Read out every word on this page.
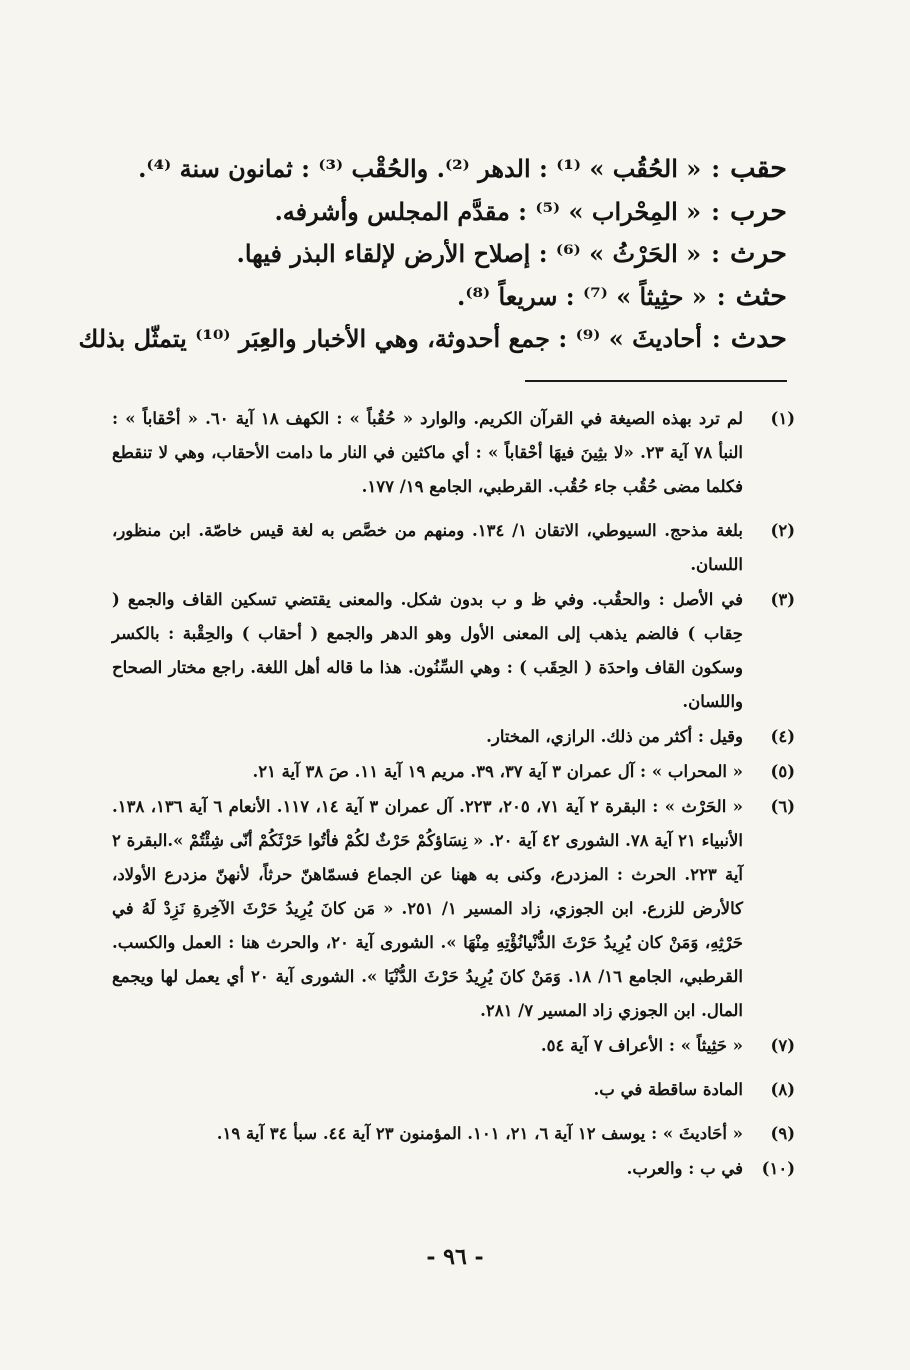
حقب:« الحُقُب » ⁽¹⁾ : الدهر ⁽²⁾. والحُقْب ⁽³⁾ : ثمانون سنة ⁽⁴⁾.
حرب:« المِحْراب » ⁽⁵⁾ : مقدَّم المجلس وأشرفه.
حرث:« الحَرْثُ » ⁽⁶⁾ : إصلاح الأرض لإلقاء البذر فيها.
حثث:« حثِيثاً » ⁽⁷⁾ : سريعاً ⁽⁸⁾.
حدث:أحاديثَ » ⁽⁹⁾ : جمع أحدوثة، وهي الأخبار والعِبَر ⁽¹⁰⁾ يتمثّل بذلك
(١)
لم ترد بهذه الصيغة في القرآن الكريم. والوارد « حُقُباً » : الكهف ١٨ آية ٦٠. « أحْقاباً » : النبأ ٧٨ آية ٢٣. «لا بثِينَ فيهَا أحْقاباً » : أي ماكثين في النار ما دامت الأحقاب، وهي لا تنقطع فكلما مضى حُقُب جاء حُقُب. القرطبي، الجامع ١٩/ ١٧٧.
(٢)
بلغة مذحج. السيوطي، الاتقان ١/ ١٣٤. ومنهم من خصَّص به لغة قيس خاصّة. ابن منظور، اللسان.
(٣)
في الأصل : والحقُب. وفي ظ و ب بدون شكل. والمعنى يقتضي تسكين القاف والجمع ( حِقاب ) فالضم يذهب إلى المعنى الأول وهو الدهر والجمع ( أحقاب ) والحِقْبة : بالكسر وسكون القاف واحدَة ( الحِقَب ) : وهي السِّنُون. هذا ما قاله أهل اللغة. راجع مختار الصحاح واللسان.
(٤)
وقيل : أكثر من ذلك. الرازي، المختار.
(٥)
« المحراب » : آل عمران ٣ آية ٣٧، ٣٩. مريم ١٩ آية ١١. صَ ٣٨ آية ٢١.
(٦)
« الحَرْث » : البقرة ٢ آية ٧١، ٢٠٥، ٢٢٣. آل عمران ٣ آية ١٤، ١١٧. الأنعام ٦ آية ١٣٦، ١٣٨. الأنبياء ٢١ آية ٧٨. الشورى ٤٢ آية ٢٠. « نِسَاؤكُمْ حَرْثٌ لكُمْ فأتُوا حَرْثَكُمْ أنّى شِئْتُمْ ».البقرة ٢ آية ٢٢٣. الحرث : المزدرع، وكنى به ههنا عن الجماع فسمّاهنّ حرثاً، لأنهنّ مزدرع الأولاد، كالأرض للزرع. ابن الجوزي، زاد المسير ١/ ٢٥١. « مَن كانَ يُرِيدُ حَرْثَ الآخِرةِ نَزِدْ لَهُ في حَرْثِهِ، وَمَنْ كان يُرِيدُ حَرْثَ الدُّنْيانُؤْتِهِ مِنْهَا ». الشورى آية ٢٠، والحرث هنا : العمل والكسب. القرطبي، الجامع ١٦/ ١٨. وَمَنْ كانَ يُرِيدُ حَرْثَ الدُّنْيَا ». الشورى آية ٢٠ أي يعمل لها ويجمع المال. ابن الجوزي زاد المسير ٧/ ٢٨١.
(٧)
« حَثِيثاً » : الأعراف ٧ آية ٥٤.
(٨)
المادة ساقطة في ب.
(٩)
« أحَاديثَ » : يوسف ١٢ آية ٦، ٢١، ١٠١. المؤمنون ٢٣ آية ٤٤. سبأ ٣٤ آية ١٩.
(١٠)
في ب : والعرب.
- ٩٦ -
